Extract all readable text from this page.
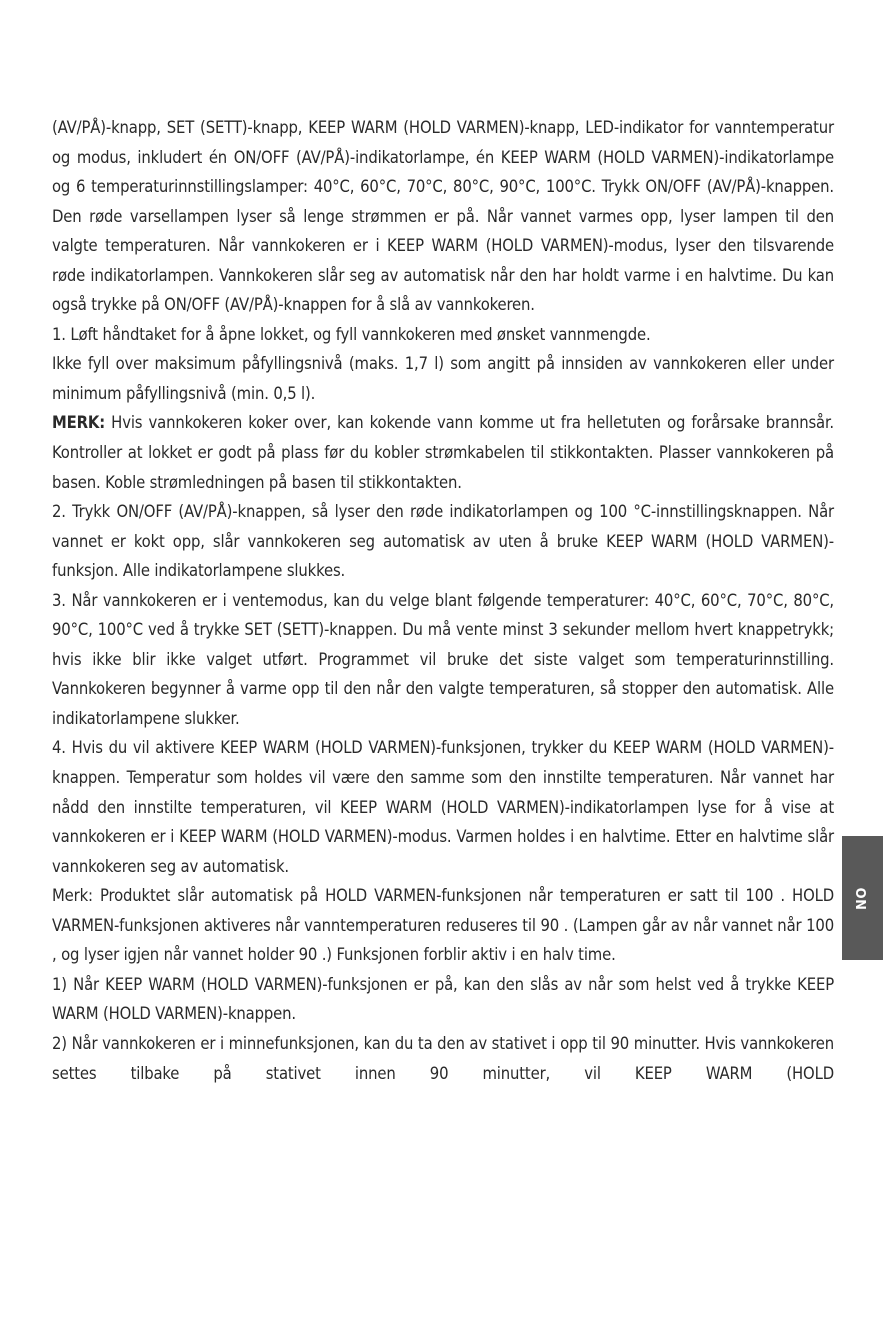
(AV/PÅ)-knapp, SET (SETT)-knapp, KEEP WARM (HOLD VARMEN)-knapp, LED-indikator for vanntemperatur og modus, inkludert én ON/OFF (AV/PÅ)-indikatorlampe, én KEEP WARM (HOLD VARMEN)-indikatorlampe og 6 temperaturinnstillingslamper: 40°C, 60°C, 70°C, 80°C, 90°C, 100°C. Trykk ON/OFF (AV/PÅ)-knappen. Den røde varsellampen lyser så lenge strømmen er på. Når vannet varmes opp, lyser lampen til den valgte temperaturen. Når vannkokeren er i KEEP WARM (HOLD VARMEN)-modus, lyser den tilsvarende røde indikatorlampen. Vannkokeren slår seg av automatisk når den har holdt varme i en halvtime. Du kan også trykke på ON/OFF (AV/PÅ)-knappen for å slå av vannkokeren.

1. Løft håndtaket for å åpne lokket, og fyll vannkokeren med ønsket vannmengde.

Ikke fyll over maksimum påfyllingsnivå (maks. 1,7 l) som angitt på innsiden av vannkokeren eller under minimum påfyllingsnivå (min. 0,5 l).

MERK: Hvis vannkokeren koker over, kan kokende vann komme ut fra helletuten og forårsake brannsår. Kontroller at lokket er godt på plass før du kobler strømkabelen til stikkontakten. Plasser vannkokeren på basen. Koble strømledningen på basen til stikkontakten.

2. Trykk ON/OFF (AV/PÅ)-knappen, så lyser den røde indikatorlampen og 100 °C-innstillingsknappen. Når vannet er kokt opp, slår vannkokeren seg automatisk av uten å bruke KEEP WARM (HOLD VARMEN)-funksjon. Alle indikatorlampene slukkes.

3. Når vannkokeren er i ventemodus, kan du velge blant følgende temperaturer: 40°C, 60°C, 70°C, 80°C, 90°C, 100°C ved å trykke SET (SETT)-knappen. Du må vente minst 3 sekunder mellom hvert knappetrykk; hvis ikke blir ikke valget utført. Programmet vil bruke det siste valget som temperaturinnstilling. Vannkokeren begynner å varme opp til den når den valgte temperaturen, så stopper den automatisk. Alle indikatorlampene slukker.

4. Hvis du vil aktivere KEEP WARM (HOLD VARMEN)-funksjonen, trykker du KEEP WARM (HOLD VARMEN)-knappen. Temperatur som holdes vil være den samme som den innstilte temperaturen. Når vannet har nådd den innstilte temperaturen, vil KEEP WARM (HOLD VARMEN)-indikatorlampen lyse for å vise at vannkokeren er i KEEP WARM (HOLD VARMEN)-modus. Varmen holdes i en halvtime. Etter en halvtime slår vannkokeren seg av automatisk.

Merk: Produktet slår automatisk på HOLD VARMEN-funksjonen når temperaturen er satt til 100 . HOLD VARMEN-funksjonen aktiveres når vanntemperaturen reduseres til 90 . (Lampen går av når vannet når 100 , og lyser igjen når vannet holder 90 .) Funksjonen forblir aktiv i en halv time.

1) Når KEEP WARM (HOLD VARMEN)-funksjonen er på, kan den slås av når som helst ved å trykke KEEP WARM (HOLD VARMEN)-knappen.

2) Når vannkokeren er i minnefunksjonen, kan du ta den av stativet i opp til 90 minutter. Hvis vannkokeren settes tilbake på stativet innen 90 minutter, vil KEEP WARM (HOLD

NO
